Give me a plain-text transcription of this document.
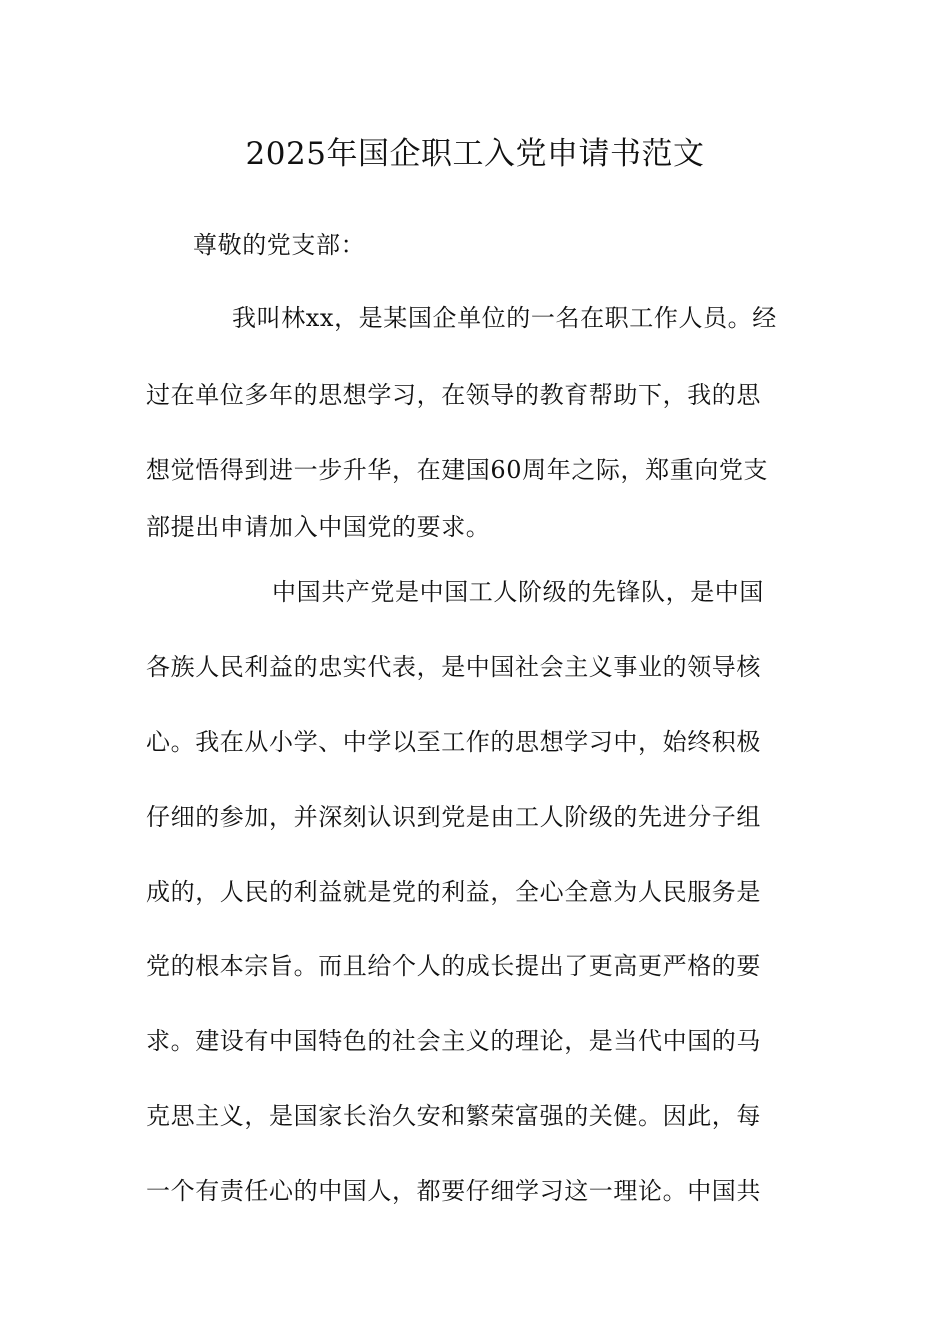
2025年国企职工入党申请书范文
尊敬的党支部：
我叫林xx，是某国企单位的一名在职工作人员。经
过在单位多年的思想学习，在领导的教育帮助下，我的思
想觉悟得到进一步升华，在建国60周年之际，郑重向党支
部提出申请加入中国党的要求。
中国共产党是中国工人阶级的先锋队，是中国
各族人民利益的忠实代表，是中国社会主义事业的领导核
心。我在从小学、中学以至工作的思想学习中，始终积极
仔细的参加，并深刻认识到党是由工人阶级的先进分子组
成的，人民的利益就是党的利益，全心全意为人民服务是
党的根本宗旨。而且给个人的成长提出了更高更严格的要
求。建设有中国特色的社会主义的理论，是当代中国的马
克思主义，是国家长治久安和繁荣富强的关健。因此，每
一个有责任心的中国人，都要仔细学习这一理论。中国共
